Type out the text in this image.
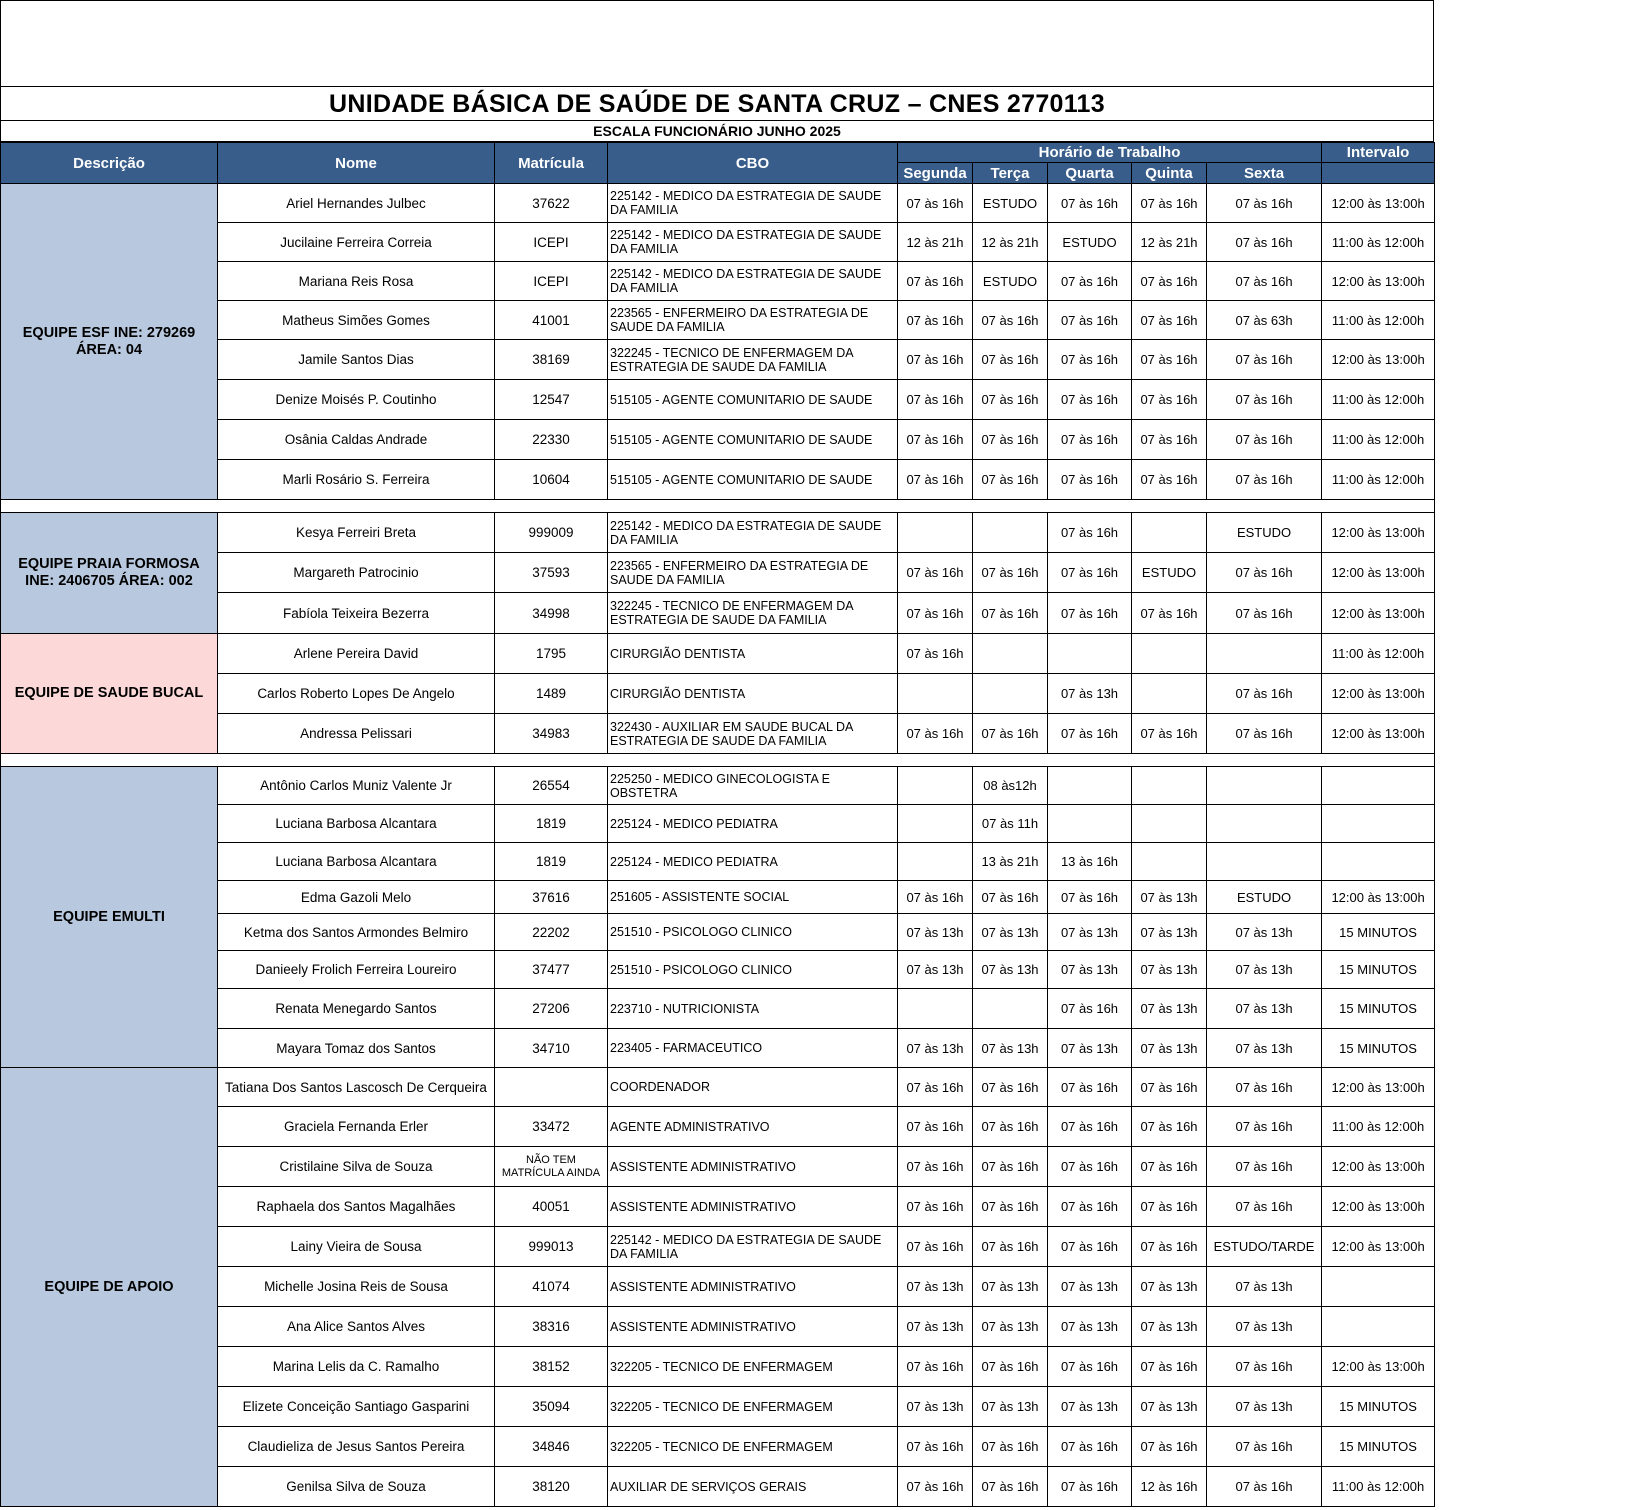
UNIDADE BÁSICA DE SAÚDE DE SANTA CRUZ – CNES 2770113
ESCALA FUNCIONÁRIO JUNHO 2025
Descrição	Nome	Matrícula	CBO	Horário de Trabalho					Intervalo
				Segunda	Terça	Quarta	Quinta	Sexta	
EQUIPE ESF INE: 279269 ÁREA: 04	Ariel Hernandes Julbec	37622	225142 - MEDICO DA ESTRATEGIA DE SAUDE DA FAMILIA	07 às 16h	ESTUDO	07 às 16h	07 às 16h	07 às 16h	12:00 às 13:00h
	Jucilaine Ferreira Correia	ICEPI	225142 - MEDICO DA ESTRATEGIA DE SAUDE DA FAMILIA	12 às 21h	12 às 21h	ESTUDO	12 às 21h	07 às 16h	11:00 às 12:00h
	Mariana Reis Rosa	ICEPI	225142 - MEDICO DA ESTRATEGIA DE SAUDE DA FAMILIA	07 às 16h	ESTUDO	07 às 16h	07 às 16h	07 às 16h	12:00 às 13:00h
	Matheus Simões Gomes	41001	223565 - ENFERMEIRO DA ESTRATEGIA DE SAUDE DA FAMILIA	07 às 16h	07 às 16h	07 às 16h	07 às 16h	07 às 63h	11:00 às 12:00h
	Jamile Santos Dias	38169	322245 - TECNICO DE ENFERMAGEM DA ESTRATEGIA DE SAUDE DA FAMILIA	07 às 16h	07 às 16h	07 às 16h	07 às 16h	07 às 16h	12:00 às 13:00h
	Denize Moisés P. Coutinho	12547	515105 - AGENTE COMUNITARIO DE SAUDE	07 às 16h	07 às 16h	07 às 16h	07 às 16h	07 às 16h	11:00 às 12:00h
	Osânia Caldas Andrade	22330	515105 - AGENTE COMUNITARIO DE SAUDE	07 às 16h	07 às 16h	07 às 16h	07 às 16h	07 às 16h	11:00 às 12:00h
	Marli Rosário S. Ferreira	10604	515105 - AGENTE COMUNITARIO DE SAUDE	07 às 16h	07 às 16h	07 às 16h	07 às 16h	07 às 16h	11:00 às 12:00h

EQUIPE PRAIA FORMOSA INE: 2406705 ÁREA: 002	Kesya Ferreiri Breta	999009	225142 - MEDICO DA ESTRATEGIA DE SAUDE DA FAMILIA			07 às 16h		ESTUDO	12:00 às 13:00h
	Margareth Patrocinio	37593	223565 - ENFERMEIRO DA ESTRATEGIA DE SAUDE DA FAMILIA	07 às 16h	07 às 16h	07 às 16h	ESTUDO	07 às 16h	12:00 às 13:00h
	Fabíola Teixeira Bezerra	34998	322245 - TECNICO DE ENFERMAGEM DA ESTRATEGIA DE SAUDE DA FAMILIA	07 às 16h	07 às 16h	07 às 16h	07 às 16h	07 às 16h	12:00 às 13:00h
EQUIPE DE SAUDE BUCAL	Arlene Pereira David	1795	CIRURGIÃO DENTISTA	07 às 16h					11:00 às 12:00h
	Carlos Roberto Lopes De Angelo	1489	CIRURGIÃO DENTISTA			07 às 13h		07 às 16h	12:00 às 13:00h
	Andressa Pelissari	34983	322430 - AUXILIAR EM SAUDE BUCAL DA ESTRATEGIA DE SAUDE DA FAMILIA	07 às 16h	07 às 16h	07 às 16h	07 às 16h	07 às 16h	12:00 às 13:00h

EQUIPE EMULTI	Antônio Carlos Muniz Valente Jr	26554	225250 - MEDICO GINECOLOGISTA E OBSTETRA		08 às12h				
	Luciana Barbosa Alcantara	1819	225124 - MEDICO PEDIATRA		07 às 11h				
	Luciana Barbosa Alcantara	1819	225124 - MEDICO PEDIATRA		13 às 21h	13 às 16h			
	Edma Gazoli Melo	37616	251605 - ASSISTENTE SOCIAL	07 às 16h	07 às 16h	07 às 16h	07 às 13h	ESTUDO	12:00 às 13:00h
	Ketma dos Santos Armondes Belmiro	22202	251510 - PSICOLOGO CLINICO	07 às 13h	07 às 13h	07 às 13h	07 às 13h	07 às 13h	15 MINUTOS
	Danieely Frolich Ferreira Loureiro	37477	251510 - PSICOLOGO CLINICO	07 às 13h	07 às 13h	07 às 13h	07 às 13h	07 às 13h	15 MINUTOS
	Renata Menegardo Santos	27206	223710 - NUTRICIONISTA			07 às 16h	07 às 13h	07 às 13h	15 MINUTOS
	Mayara Tomaz dos Santos	34710	223405 - FARMACEUTICO	07 às 13h	07 às 13h	07 às 13h	07 às 13h	07 às 13h	15 MINUTOS
EQUIPE DE APOIO	Tatiana Dos Santos Lascosch De Cerqueira		COORDENADOR	07 às 16h	07 às 16h	07 às 16h	07 às 16h	07 às 16h	12:00 às 13:00h
	Graciela Fernanda Erler	33472	AGENTE ADMINISTRATIVO	07 às 16h	07 às 16h	07 às 16h	07 às 16h	07 às 16h	11:00 às 12:00h
	Cristilaine Silva de Souza	NÃO TEM MATRÍCULA AINDA	ASSISTENTE ADMINISTRATIVO	07 às 16h	07 às 16h	07 às 16h	07 às 16h	07 às 16h	12:00 às 13:00h
	Raphaela dos Santos Magalhães	40051	ASSISTENTE ADMINISTRATIVO	07 às 16h	07 às 16h	07 às 16h	07 às 16h	07 às 16h	12:00 às 13:00h
	Lainy Vieira de Sousa	999013	225142 - MEDICO DA ESTRATEGIA DE SAUDE DA FAMILIA	07 às 16h	07 às 16h	07 às 16h	07 às 16h	ESTUDO/TARDE	12:00 às 13:00h
	Michelle Josina Reis de Sousa	41074	ASSISTENTE ADMINISTRATIVO	07 às 13h	07 às 13h	07 às 13h	07 às 13h	07 às 13h	
	Ana Alice Santos Alves	38316	ASSISTENTE ADMINISTRATIVO	07 às 13h	07 às 13h	07 às 13h	07 às 13h	07 às 13h	
	Marina Lelis da C. Ramalho	38152	322205 - TECNICO DE ENFERMAGEM	07 às 16h	07 às 16h	07 às 16h	07 às 16h	07 às 16h	12:00 às 13:00h
	Elizete Conceição Santiago Gasparini	35094	322205 - TECNICO DE ENFERMAGEM	07 às 13h	07 às 13h	07 às 13h	07 às 13h	07 às 13h	15 MINUTOS
	Claudieliza de Jesus Santos Pereira	34846	322205 - TECNICO DE ENFERMAGEM	07 às 16h	07 às 16h	07 às 16h	07 às 16h	07 às 16h	15 MINUTOS
	Genilsa Silva de Souza	38120	AUXILIAR DE SERVIÇOS GERAIS	07 às 16h	07 às 16h	07 às 16h	12 às 16h	07 às 16h	11:00 às 12:00h
